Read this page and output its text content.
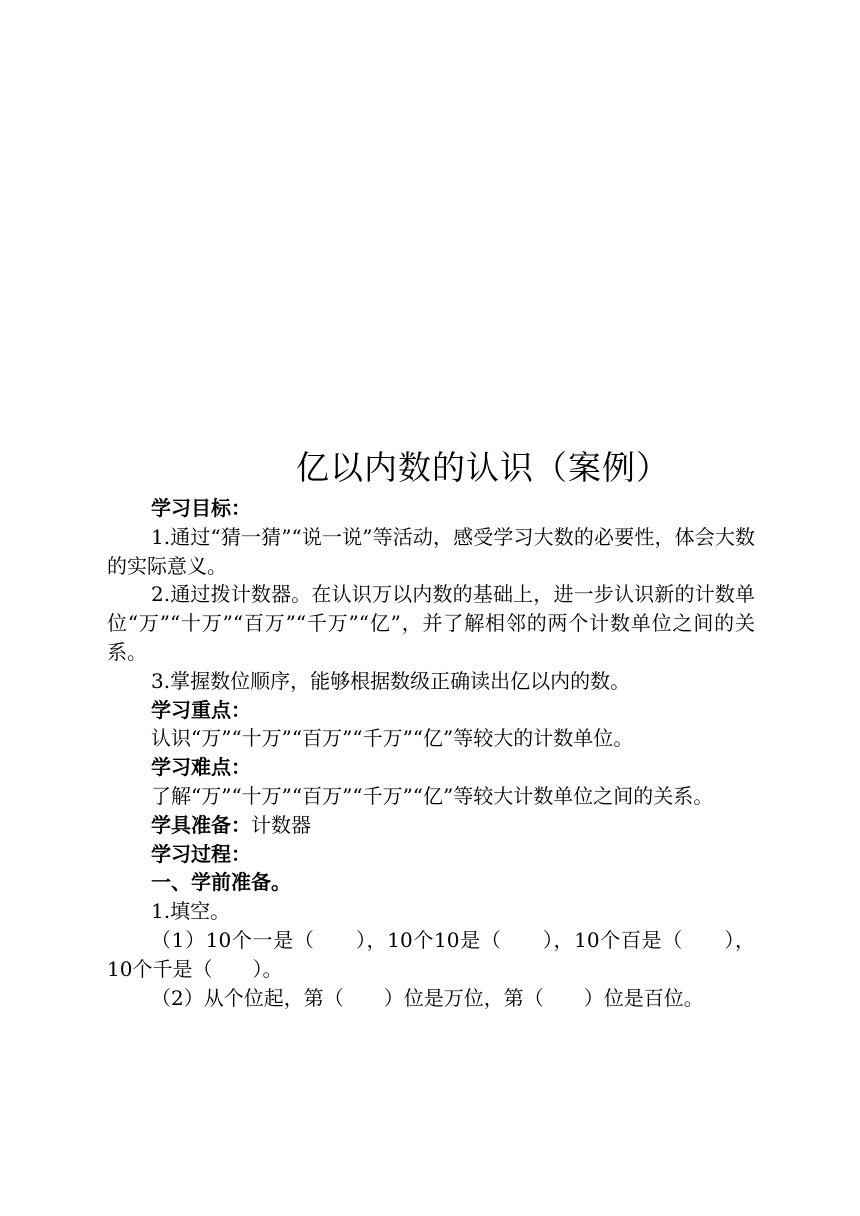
亿以内数的认识（案例）

学习目标：

1.通过“猜一猜”“说一说”等活动，感受学习大数的必要性，体会大数的实际意义。

2.通过拨计数器。在认识万以内数的基础上，进一步认识新的计数单位“万”“十万”“百万”“千万”“亿”，并了解相邻的两个计数单位之间的关系。

3.掌握数位顺序，能够根据数级正确读出亿以内的数。

学习重点：

认识“万”“十万”“百万”“千万”“亿”等较大的计数单位。

学习难点：

了解“万”“十万”“百万”“千万”“亿”等较大计数单位之间的关系。

学具准备：计数器

学习过程：

一、学前准备。

1.填空。

（1）10个一是（　　），10个10是（　　），10个百是（　　），10个千是（　　）。

（2）从个位起，第（　　）位是万位，第（　　）位是百位。
